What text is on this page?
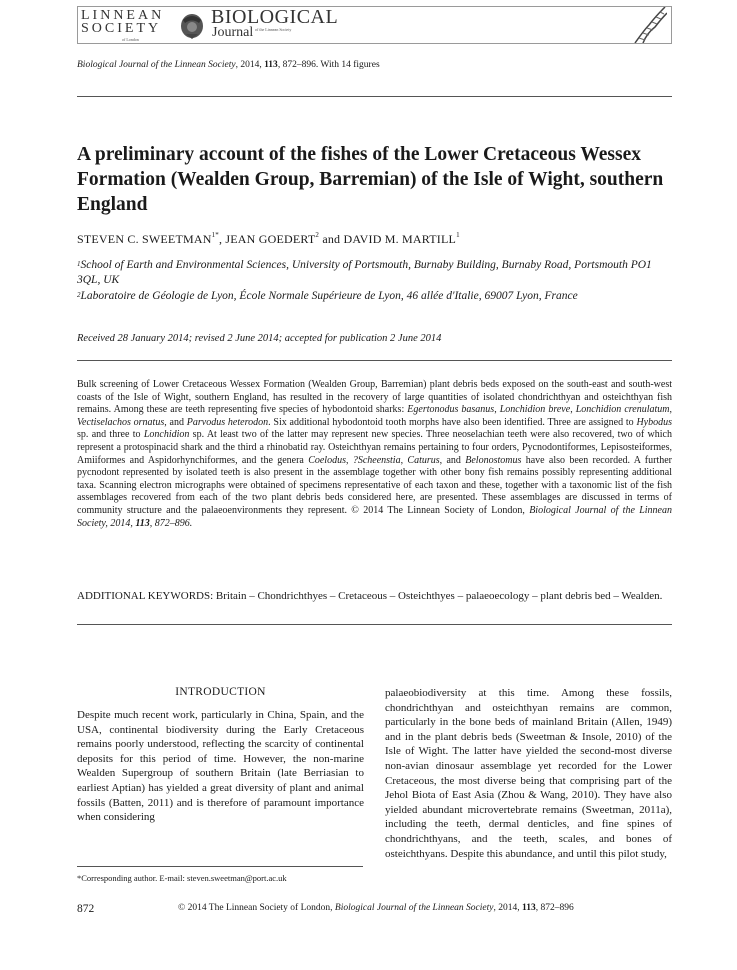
LINNEAN
SOCIETY
of London
BIOLOGICAL
Journal of the Linnean Society
Biological Journal of the Linnean Society, 2014, 113, 872–896. With 14 figures
A preliminary account of the fishes of the Lower Cretaceous Wessex Formation (Wealden Group, Barremian) of the Isle of Wight, southern England
STEVEN C. $SWEETMAN^{1*}$, JEAN GOEDERT$^2$ and DAVID M. MARTILL$^1$
$^1$School of Earth and Environmental Sciences, University of Portsmouth, Burnaby Building, Burnaby Road, Portsmouth PO1 3QL, UK
$^2$Laboratoire de Géologie de Lyon, École Normale Supérieure de Lyon, 46 allée d'Italie, 69007 Lyon, France
Received 28 January 2014; revised 2 June 2014; accepted for publication 2 June 2014
Bulk screening of Lower Cretaceous Wessex Formation (Wealden Group, Barremian) plant debris beds exposed on the south-east and south-west coasts of the Isle of Wight, southern England, has resulted in the recovery of large quantities of isolated chondrichthyan and osteichthyan fish remains. Among these are teeth representing five species of hybodontoid sharks: Egertonodus basanus, Lonchidion breve, Lonchidion crenulatum, Vectiselachos ornatus, and Parvodus heterodon. Six additional hybodontoid tooth morphs have also been identified. Three are assigned to Hybodus sp. and three to Lonchidion sp. At least two of the latter may represent new species. Three neoselachian teeth were also recovered, two of which represent a protospinacid shark and the third a rhinobatid ray. Osteichthyan remains pertaining to four orders, Pycnodontiformes, Lepisosteiformes, Amiiformes and Aspidorhynchiformes, and the genera Coelodus, ?Scheenstia, Caturus, and Belonostomus have also been recorded. A further pycnodont represented by isolated teeth is also present in the assemblage together with other bony fish remains possibly representing additional taxa. Scanning electron micrographs were obtained of specimens representative of each taxon and these, together with a taxonomic list of the fish assemblages recovered from each of the two plant debris beds considered here, are presented. These assemblages are discussed in terms of community structure and the palaeoenvironments they represent. © 2014 The Linnean Society of London, Biological Journal of the Linnean Society, 2014, 113, 872–896.
ADDITIONAL KEYWORDS: Britain – Chondrichthyes – Cretaceous – Osteichthyes – palaeoecology – plant debris bed – Wealden.
INTRODUCTION
Despite much recent work, particularly in China, Spain, and the USA, continental biodiversity during the Early Cretaceous remains poorly understood, reflecting the scarcity of continental deposits for this period of time. However, the non-marine Wealden Supergroup of southern Britain (late Berriasian to earliest Aptian) has yielded a great diversity of plant and animal fossils (Batten, 2011) and is therefore of paramount importance when considering
palaeobiodiversity at this time. Among these fossils, chondrichthyan and osteichthyan remains are common, particularly in the bone beds of mainland Britain (Allen, 1949) and in the plant debris beds (Sweetman & Insole, 2010) of the Isle of Wight. The latter have yielded the second-most diverse non-avian dinosaur assemblage yet recorded for the Lower Cretaceous, the most diverse being that comprising part of the Jehol Biota of East Asia (Zhou & Wang, 2010). They have also yielded abundant microvertebrate remains (Sweetman, 2011a), including the teeth, dermal denticles, and fine spines of chondrichthyans, and the teeth, scales, and bones of osteichthyans. Despite this abundance, and until this pilot study,
*Corresponding author. E-mail: steven.sweetman@port.ac.uk
872	© 2014 The Linnean Society of London, Biological Journal of the Linnean Society, 2014, 113, 872–896
